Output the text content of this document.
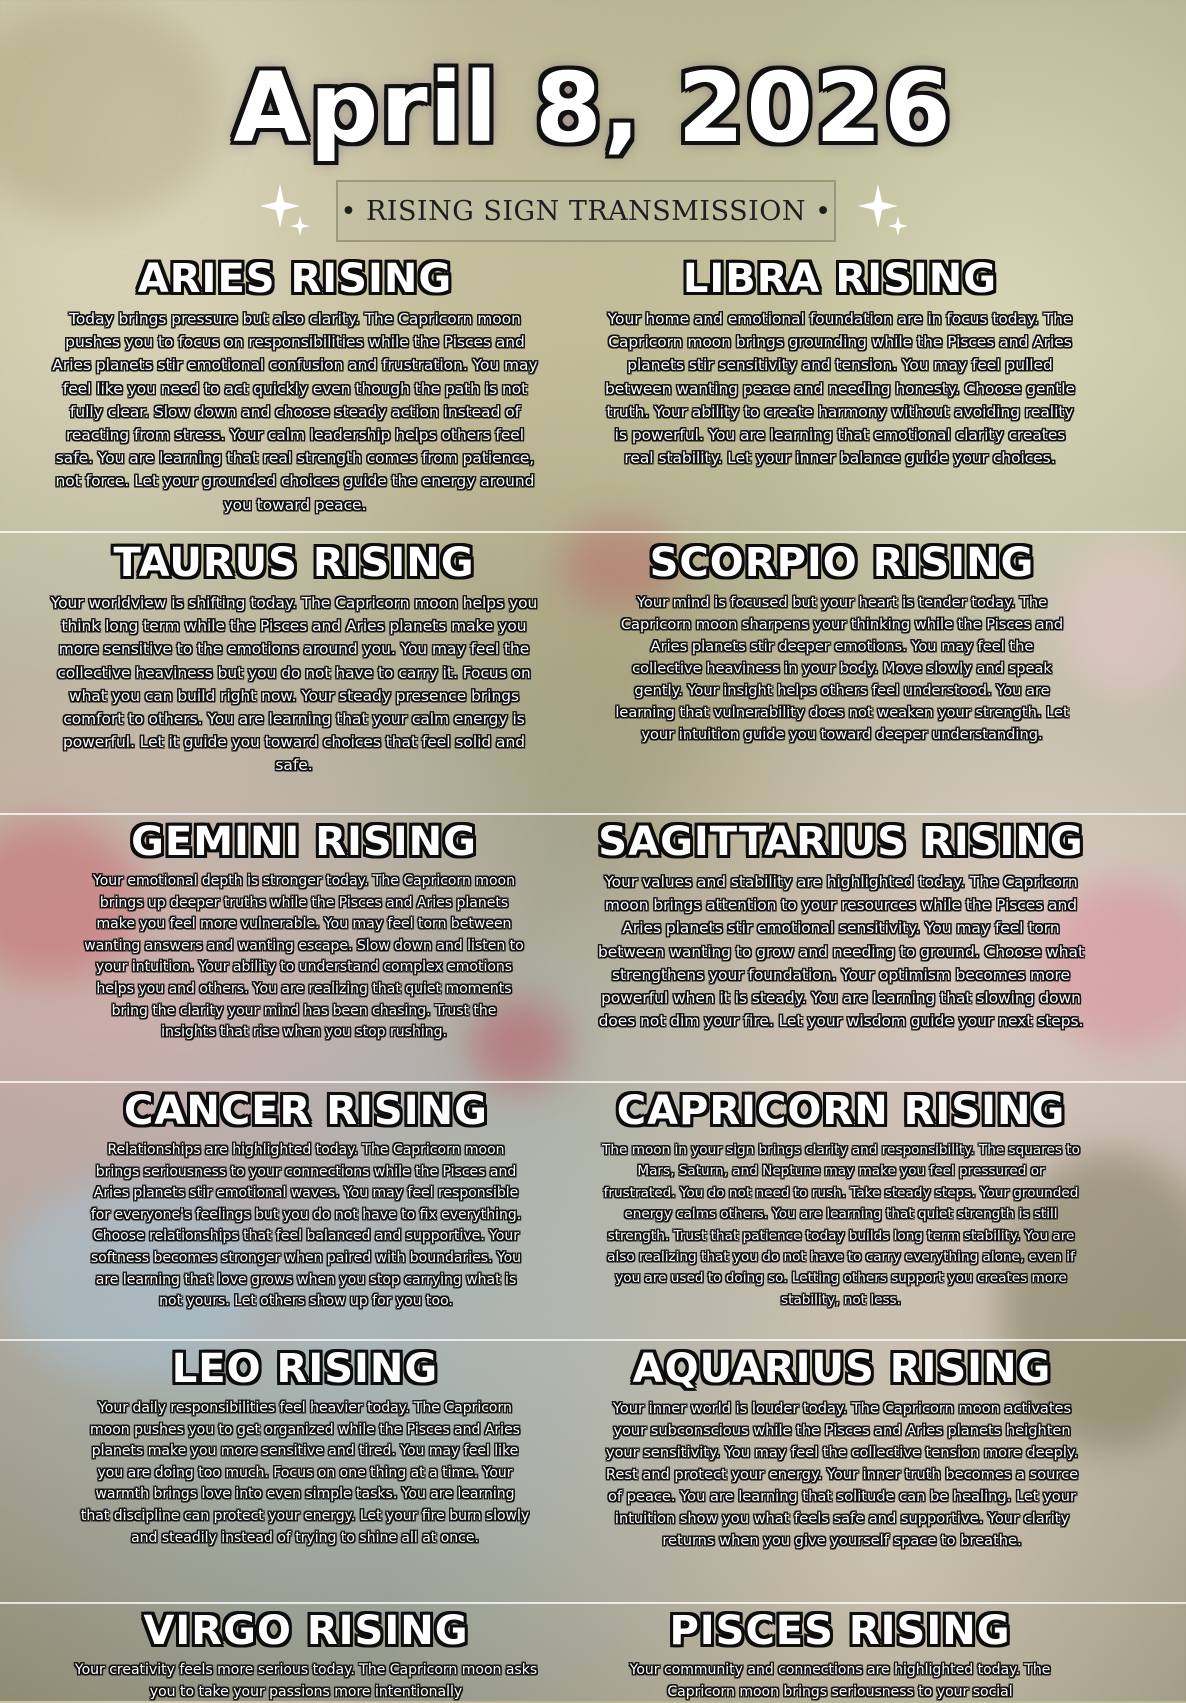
April 8, 2026
• RISING SIGN TRANSMISSION •
ARIES RISING
Today brings pressure but also clarity. The Capricorn moon pushes you to focus on responsibilities while the Pisces and Aries planets stir emotional confusion and frustration. You may feel like you need to act quickly even though the path is not fully clear. Slow down and choose steady action instead of reacting from stress. Your calm leadership helps others feel safe. You are learning that real strength comes from patience, not force. Let your grounded choices guide the energy around you toward peace.
LIBRA RISING
Your home and emotional foundation are in focus today. The Capricorn moon brings grounding while the Pisces and Aries planets stir sensitivity and tension. You may feel pulled between wanting peace and needing honesty. Choose gentle truth. Your ability to create harmony without avoiding reality is powerful. You are learning that emotional clarity creates real stability. Let your inner balance guide your choices.
TAURUS RISING
Your worldview is shifting today. The Capricorn moon helps you think long term while the Pisces and Aries planets make you more sensitive to the emotions around you. You may feel the collective heaviness but you do not have to carry it. Focus on what you can build right now. Your steady presence brings comfort to others. You are learning that your calm energy is powerful. Let it guide you toward choices that feel solid and safe.
SCORPIO RISING
Your mind is focused but your heart is tender today. The Capricorn moon sharpens your thinking while the Pisces and Aries planets stir deeper emotions. You may feel the collective heaviness in your body. Move slowly and speak gently. Your insight helps others feel understood. You are learning that vulnerability does not weaken your strength. Let your intuition guide you toward deeper understanding.
GEMINI RISING
Your emotional depth is stronger today. The Capricorn moon brings up deeper truths while the Pisces and Aries planets make you feel more vulnerable. You may feel torn between wanting answers and wanting escape. Slow down and listen to your intuition. Your ability to understand complex emotions helps you and others. You are realizing that quiet moments bring the clarity your mind has been chasing. Trust the insights that rise when you stop rushing.
SAGITTARIUS RISING
Your values and stability are highlighted today. The Capricorn moon brings attention to your resources while the Pisces and Aries planets stir emotional sensitivity. You may feel torn between wanting to grow and needing to ground. Choose what strengthens your foundation. Your optimism becomes more powerful when it is steady. You are learning that slowing down does not dim your fire. Let your wisdom guide your next steps.
CANCER RISING
Relationships are highlighted today. The Capricorn moon brings seriousness to your connections while the Pisces and Aries planets stir emotional waves. You may feel responsible for everyone's feelings but you do not have to fix everything. Choose relationships that feel balanced and supportive. Your softness becomes stronger when paired with boundaries. You are learning that love grows when you stop carrying what is not yours. Let others show up for you too.
CAPRICORN RISING
The moon in your sign brings clarity and responsibility. The squares to Mars, Saturn, and Neptune may make you feel pressured or frustrated. You do not need to rush. Take steady steps. Your grounded energy calms others. You are learning that quiet strength is still strength. Trust that patience today builds long term stability. You are also realizing that you do not have to carry everything alone, even if you are used to doing so. Letting others support you creates more stability, not less.
LEO RISING
Your daily responsibilities feel heavier today. The Capricorn moon pushes you to get organized while the Pisces and Aries planets make you more sensitive and tired. You may feel like you are doing too much. Focus on one thing at a time. Your warmth brings love into even simple tasks. You are learning that discipline can protect your energy. Let your fire burn slowly and steadily instead of trying to shine all at once.
AQUARIUS RISING
Your inner world is louder today. The Capricorn moon activates your subconscious while the Pisces and Aries planets heighten your sensitivity. You may feel the collective tension more deeply. Rest and protect your energy. Your inner truth becomes a source of peace. You are learning that solitude can be healing. Let your intuition show you what feels safe and supportive. Your clarity returns when you give yourself space to breathe.
VIRGO RISING
Your creativity feels more serious today. The Capricorn moon asks you to take your passions more intentionally
PISCES RISING
Your community and connections are highlighted today. The Capricorn moon brings seriousness to your social
